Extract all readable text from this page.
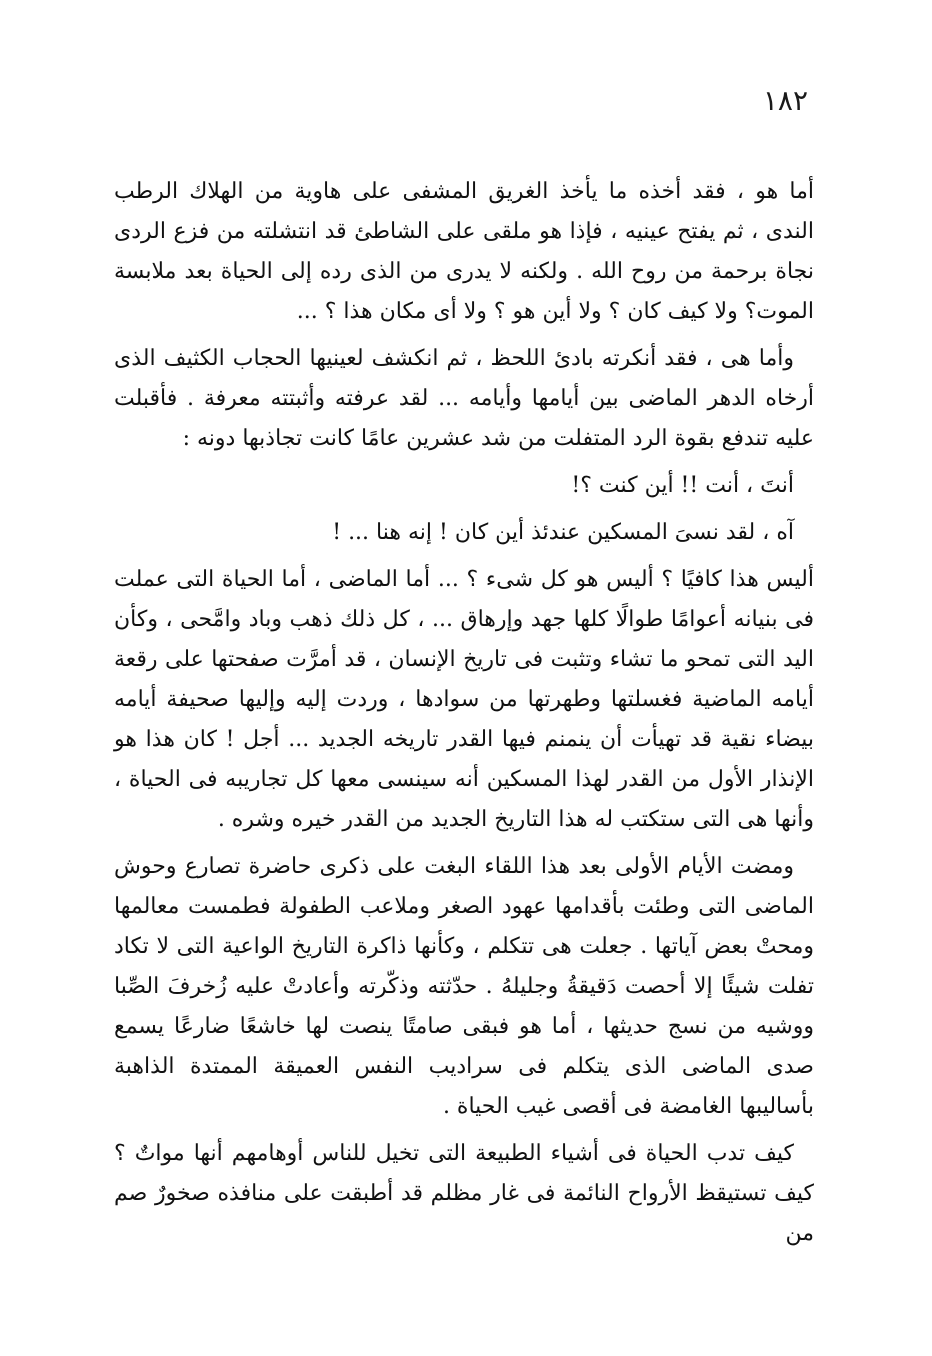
١٨٢

أما هو ، فقد أخذه ما يأخذ الغريق المشفى على هاوية من الهلاك الرطب الندى ، ثم يفتح عينيه ، فإذا هو ملقى على الشاطئ قد انتشلته من فزع الردى نجاة برحمة من روح الله . ولكنه لا يدرى من الذى رده إلى الحياة بعد ملابسة الموت؟ ولا كيف كان ؟ ولا أين هو ؟ ولا أى مكان هذا ؟ ...

وأما هى ، فقد أنكرته بادئ اللحظ ، ثم انكشف لعينيها الحجاب الكثيف الذى أرخاه الدهر الماضى بين أيامها وأيامه ... لقد عرفته وأثبتته معرفة . فأقبلت عليه تندفع بقوة الرد المتفلت من شد عشرين عامًا كانت تجاذبها دونه :

أنتَ ، أنت !! أين كنت ؟!

آه ، لقد نسىَ المسكين عندئذ أين كان ! إنه هنا ... !

أليس هذا كافيًا ؟ أليس هو كل شىء ؟ ... أما الماضى ، أما الحياة التى عملت فى بنيانه أعوامًا طوالًا كلها جهد وإرهاق ... ، كل ذلك ذهب وباد وامَّحى ، وكأن اليد التى تمحو ما تشاء وتثبت فى تاريخ الإنسان ، قد أمرَّت صفحتها على رقعة أيامه الماضية فغسلتها وطهرتها من سوادها ، وردت إليه وإليها صحيفة أيامه بيضاء نقية قد تهيأت أن ينمنم فيها القدر تاريخه الجديد ... أجل ! كان هذا هو الإنذار الأول من القدر لهذا المسكين أنه سينسى معها كل تجاريبه فى الحياة ، وأنها هى التى ستكتب له هذا التاريخ الجديد من القدر خيره وشره .

ومضت الأيام الأولى بعد هذا اللقاء البغت على ذكرى حاضرة تصارع وحوش الماضى التى وطئت بأقدامها عهود الصغر وملاعب الطفولة فطمست معالمها ومحتْ بعض آياتها . جعلت هى تتكلم ، وكأنها ذاكرة التاريخ الواعية التى لا تكاد تفلت شيئًا إلا أحصت دَقيقةُ وجليلهُ . حدّثته وذكّرته وأعادتْ عليه زُخرفَ الصِّبا ووشيه من نسج حديثها ، أما هو فبقى صامتًا ينصت لها خاشعًا ضارعًا يسمع صدى الماضى الذى يتكلم فى سراديب النفس العميقة الممتدة الذاهبة بأساليبها الغامضة فى أقصى غيب الحياة .

كيف تدب الحياة فى أشياء الطبيعة التى تخيل للناس أوهامهم أنها مواتٌ ؟ كيف تستيقظ الأرواح النائمة فى غار مظلم قد أطبقت على منافذه صخورٌ صم من
